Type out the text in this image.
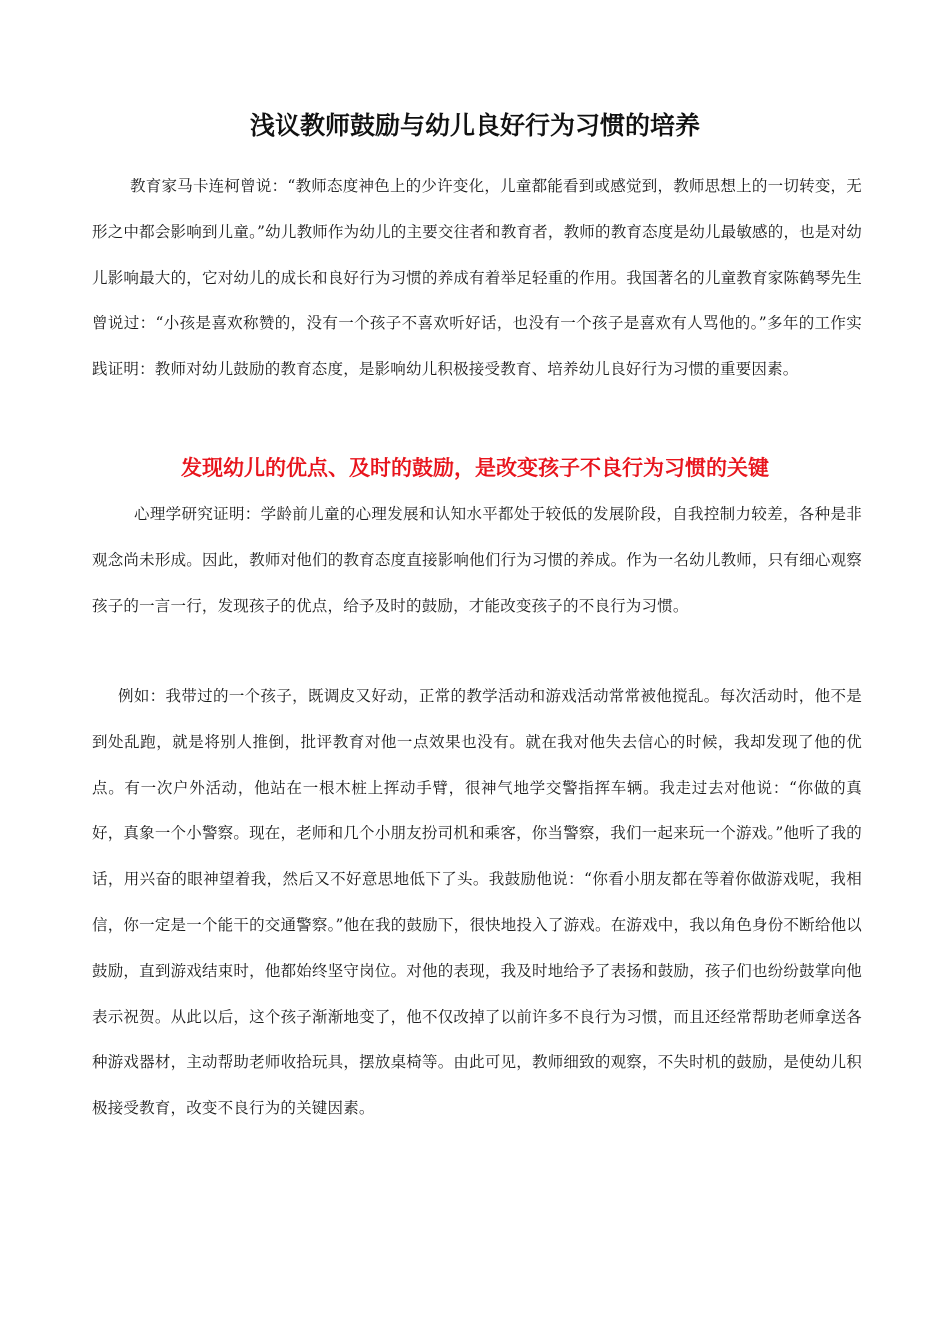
浅议教师鼓励与幼儿良好行为习惯的培养

教育家马卡连柯曾说：“教师态度神色上的少许变化，儿童都能看到或感觉到，教师思想上的一切转变，无形之中都会影响到儿童。”幼儿教师作为幼儿的主要交往者和教育者，教师的教育态度是幼儿最敏感的，也是对幼儿影响最大的，它对幼儿的成长和良好行为习惯的养成有着举足轻重的作用。我国著名的儿童教育家陈鹤琴先生曾说过：“小孩是喜欢称赞的，没有一个孩子不喜欢听好话，也没有一个孩子是喜欢有人骂他的。”多年的工作实践证明：教师对幼儿鼓励的教育态度，是影响幼儿积极接受教育、培养幼儿良好行为习惯的重要因素。

发现幼儿的优点、及时的鼓励，是改变孩子不良行为习惯的关键

心理学研究证明：学龄前儿童的心理发展和认知水平都处于较低的发展阶段，自我控制力较差，各种是非观念尚未形成。因此，教师对他们的教育态度直接影响他们行为习惯的养成。作为一名幼儿教师，只有细心观察孩子的一言一行，发现孩子的优点，给予及时的鼓励，才能改变孩子的不良行为习惯。

例如：我带过的一个孩子，既调皮又好动，正常的教学活动和游戏活动常常被他搅乱。每次活动时，他不是到处乱跑，就是将别人推倒，批评教育对他一点效果也没有。就在我对他失去信心的时候，我却发现了他的优点。有一次户外活动，他站在一根木桩上挥动手臂，很神气地学交警指挥车辆。我走过去对他说：“你做的真好，真象一个小警察。现在，老师和几个小朋友扮司机和乘客，你当警察，我们一起来玩一个游戏。”他听了我的话，用兴奋的眼神望着我，然后又不好意思地低下了头。我鼓励他说：“你看小朋友都在等着你做游戏呢，我相信，你一定是一个能干的交通警察。”他在我的鼓励下，很快地投入了游戏。在游戏中，我以角色身份不断给他以鼓励，直到游戏结束时，他都始终坚守岗位。对他的表现，我及时地给予了表扬和鼓励，孩子们也纷纷鼓掌向他表示祝贺。从此以后，这个孩子渐渐地变了，他不仅改掉了以前许多不良行为习惯，而且还经常帮助老师拿送各种游戏器材，主动帮助老师收拾玩具，摆放桌椅等。由此可见，教师细致的观察，不失时机的鼓励，是使幼儿积极接受教育，改变不良行为的关键因素。
